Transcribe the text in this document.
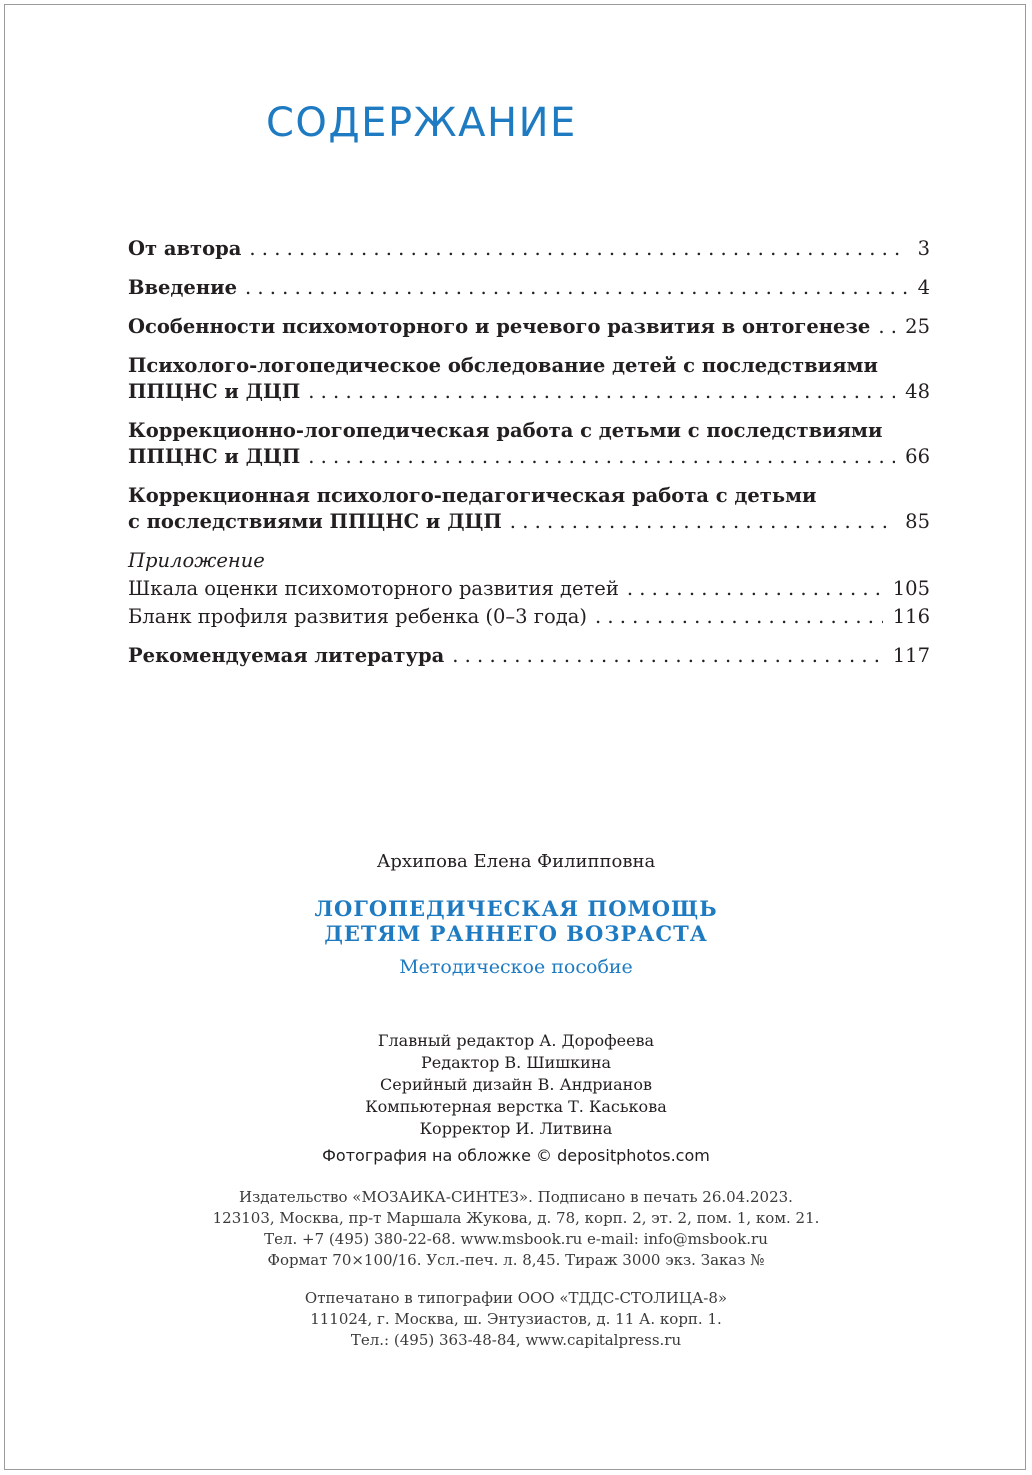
СОДЕРЖАНИЕ
От автора . . .	3
Введение . . .	4
Особенности психомоторного и речевого развития в онтогенезе . . . 25
Психолого-логопедическое обследование детей с последствиями
ППЦНС и ДЦП . . .	48
Коррекционно-логопедическая работа с детьми с последствиями
ППЦНС и ДЦП . . .	66
Коррекционная психолого-педагогическая работа с детьми
с последствиями ППЦНС и ДЦП . . .	85
Приложение
Шкала оценки психомоторного развития детей . . .	105
Бланк профиля развития ребенка (0–3 года) . . .	116
Рекомендуемая литература . . .	117
Архипова Елена Филипповна
ЛОГОПЕДИЧЕСКАЯ ПОМОЩЬ
ДЕТЯМ РАННЕГО ВОЗРАСТА
Методическое пособие
Главный редактор А. Дорофеева
Редактор В. Шишкина
Серийный дизайн В. Андрианов
Компьютерная верстка Т. Каськова
Корректор И. Литвина
Фотография на обложке © depositphotos.com
Издательство «МОЗАИКА-СИНТЕЗ». Подписано в печать 26.04.2023.
123103, Москва, пр-т Маршала Жукова, д. 78, корп. 2, эт. 2, пом. 1, ком. 21.
Тел. +7 (495) 380-22-68. www.msbook.ru e-mail: info@msbook.ru
Формат 70×100/16. Усл.-печ. л. 8,45. Тираж 3000 экз. Заказ №
Отпечатано в типографии ООО «ТДДС-СТОЛИЦА-8»
111024, г. Москва, ш. Энтузиастов, д. 11 А. корп. 1.
Тел.: (495) 363-48-84, www.capitalpress.ru
